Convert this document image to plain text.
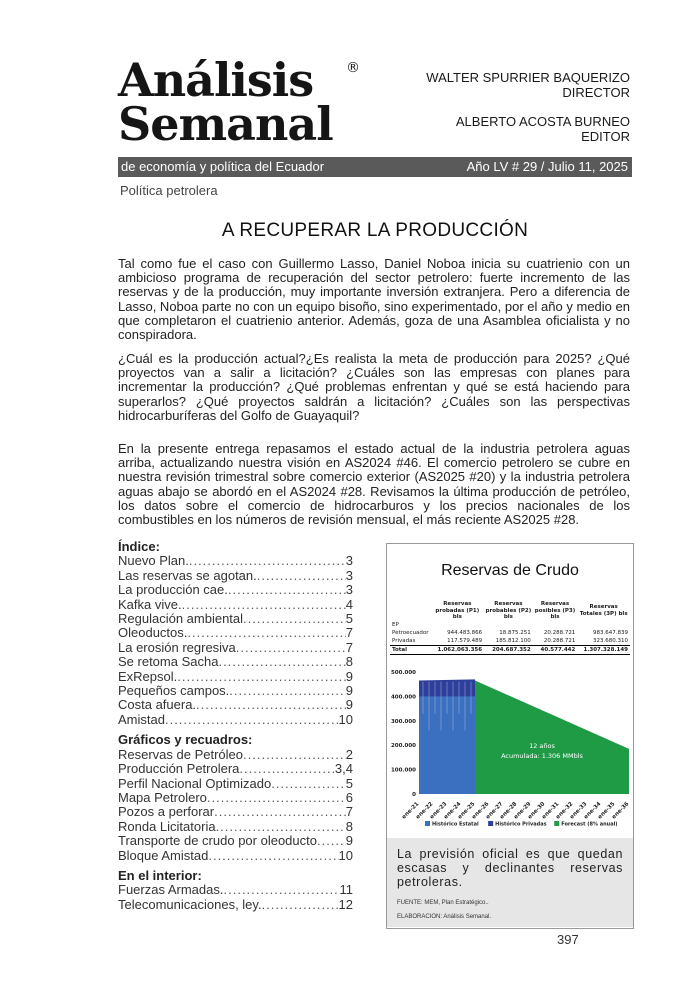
Análisis
Semanal
®
WALTER SPURRIER BAQUERIZO
DIRECTOR
ALBERTO ACOSTA BURNEO
EDITOR
de economía y política del Ecuador	Año LV # 29 / Julio 11, 2025
Política petrolera
A RECUPERAR LA PRODUCCIÓN
Tal como fue el caso con Guillermo Lasso, Daniel Noboa inicia su cuatrienio con un ambicioso programa de recuperación del sector petrolero: fuerte incremento de las reservas y de la producción, muy importante inversión extranjera. Pero a diferencia de Lasso, Noboa parte no con un equipo bisoño, sino experimentado, por el año y medio en que completaron el cuatrienio anterior. Además, goza de una Asamblea oficialista y no conspiradora.
¿Cuál es la producción actual?¿Es realista la meta de producción para 2025? ¿Qué proyectos van a salir a licitación? ¿Cuáles son las empresas con planes para incrementar la producción? ¿Qué problemas enfrentan y qué se está haciendo para superarlos? ¿Qué proyectos saldrán a licitación? ¿Cuáles son las perspectivas hidrocarburíferas del Golfo de Guayaquil?
En la presente entrega repasamos el estado actual de la industria petrolera aguas arriba, actualizando nuestra visión en AS2024 #46. El comercio petrolero se cubre en nuestra revisión trimestral sobre comercio exterior (AS2025 #20) y la industria petrolera aguas abajo se abordó en el AS2024 #28. Revisamos la última producción de petróleo, los datos sobre el comercio de hidrocarburos y los precios nacionales de los combustibles en los números de revisión mensual, el más reciente AS2025 #28.
Índice:
Nuevo Plan. .....	3
Las reservas se agotan. .....	3
La producción cae. .....	3
Kafka vive. .....	4
Regulación ambiental .....	5
Oleoductos. .....	7
La erosión regresiva .....	7
Se retoma Sacha .....	8
ExRepsol. .....	9
Pequeños campos. .....	9
Costa afuera. .....	9
Amistad .....	10
Gráficos y recuadros:
Reservas de Petróleo .....	2
Producción Petrolera .....	3,4
Perfil Nacional Optimizado .....	5
Mapa Petrolero .....	6
Pozos a perforar .....	7
Ronda Licitatoria .....	8
Transporte de crudo por oleoducto ..... 9
Bloque Amistad .....	10
En el interior:
Fuerzas Armadas. .....	11
Telecomunicaciones, ley. .....	12
Reservas de Crudo
	Reservas probadas (P1) bls	Reservas probables (P2) bls	Reservas posibles (P3) bls	Reservas Totales (3P) bls
EP				
Petroecuador	944.483.866	18.875.251	20.288.721	983.647.839
Privadas	117.579.489	185.812.100	20.288.721	323.680.310
Total	1.062.063.356	204.687.352	40.577.442	1.307.328.149
0
100.000
200.000
300.000
400.000
500.000
12 años
Acumulada: 1.306 MMbls
ene-21
ene-22
ene-23
ene-24
ene-25
ene-26
ene-27
ene-28
ene-29
ene-30
ene-31
ene-32
ene-33
ene-34
ene-35
ene-36
Histórico Estatal	Histórico Privadas	Forecast (8% anual)
La previsión oficial es que quedan escasas y declinantes reservas petroleras.
FUENTE: MEM, Plan Estratégico..
ELABORACION: Análisis Semanal.
397
